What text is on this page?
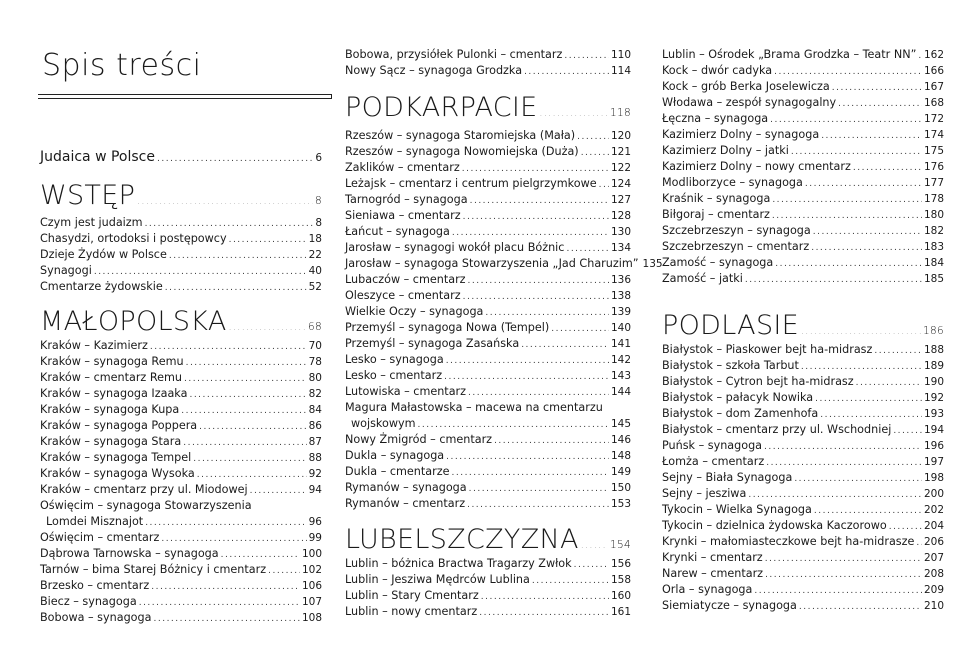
Spis treści
Judaica w Polsce .....	6
WSTĘP .....	8
Czym jest judaizm .....	8
Chasydzi, ortodoksi i postępowcy .....	18
Dzieje Żydów w Polsce .....	22
Synagogi .....	40
Cmentarze żydowskie .....	52
MAŁOPOLSKA .....	68
Kraków – Kazimierz .....	70
Kraków – synagoga Remu .....	78
Kraków – cmentarz Remu .....	80
Kraków – synagoga Izaaka .....	82
Kraków – synagoga Kupa .....	84
Kraków – synagoga Poppera .....	86
Kraków – synagoga Stara .....	87
Kraków – synagoga Tempel .....	88
Kraków – synagoga Wysoka .....	92
Kraków – cmentarz przy ul. Miodowej .....	94
Oświęcim – synagoga Stowarzyszenia
Lomdei Misznajot .....	96
Oświęcim – cmentarz .....	99
Dąbrowa Tarnowska – synagoga .....	100
Tarnów – bima Starej Bóżnicy i cmentarz .....	102
Brzesko – cmentarz .....	106
Biecz – synagoga .....	107
Bobowa – synagoga .....	108
Bobowa, przysiółek Pulonki – cmentarz .....	110
Nowy Sącz – synagoga Grodzka .....	114
PODKARPACIE .....	118
Rzeszów – synagoga Staromiejska (Mała) .....	120
Rzeszów – synagoga Nowomiejska (Duża) .....	121
Zaklików – cmentarz .....	122
Leżajsk – cmentarz i centrum pielgrzymkowe ..... 124
Tarnogród – synagoga .....	127
Sieniawa – cmentarz .....	128
Łańcut – synagoga .....	130
Jarosław – synagogi wokół placu Bóżnic .....	134
Jarosław – synagoga Stowarzyszenia „Jad Charuzim” 135
Lubaczów – cmentarz .....	136
Oleszyce – cmentarz .....	138
Wielkie Oczy – synagoga .....	139
Przemyśl – synagoga Nowa (Tempel) .....	140
Przemyśl – synagoga Zasańska .....	141
Lesko – synagoga .....	142
Lesko – cmentarz .....	143
Lutowiska – cmentarz .....	144
Magura Małastowska – macewa na cmentarzu
wojskowym .....	145
Nowy Żmigród – cmentarz .....	146
Dukla – synagoga .....	148
Dukla – cmentarze .....	149
Rymanów – synagoga .....	150
Rymanów – cmentarz .....	153
LUBELSZCZYZNA .....	154
Lublin – bóżnica Bractwa Tragarzy Zwłok .....	156
Lublin – Jesziwa Mędrców Lublina .....	158
Lublin – Stary Cmentarz .....	160
Lublin – nowy cmentarz .....	161
Lublin – Ośrodek „Brama Grodzka – Teatr NN” ..... 162
Kock – dwór cadyka .....	166
Kock – grób Berka Joselewicza .....	167
Włodawa – zespół synagogalny .....	168
Łęczna – synagoga .....	172
Kazimierz Dolny – synagoga .....	174
Kazimierz Dolny – jatki .....	175
Kazimierz Dolny – nowy cmentarz .....	176
Modliborzyce – synagoga .....	177
Kraśnik – synagoga .....	178
Biłgoraj – cmentarz .....	180
Szczebrzeszyn – synagoga .....	182
Szczebrzeszyn – cmentarz .....	183
Zamość – synagoga .....	184
Zamość – jatki .....	185
PODLASIE .....	186
Białystok – Piaskower bejt ha-midrasz .....	188
Białystok – szkoła Tarbut .....	189
Białystok – Cytron bejt ha-midrasz .....	190
Białystok – pałacyk Nowika .....	192
Białystok – dom Zamenhofa .....	193
Białystok – cmentarz przy ul. Wschodniej .....	194
Puńsk – synagoga .....	196
Łomża – cmentarz .....	197
Sejny – Biała Synagoga .....	198
Sejny – jesziwa .....	200
Tykocin – Wielka Synagoga .....	202
Tykocin – dzielnica żydowska Kaczorowo .....	204
Krynki – małomiasteczkowe bejt ha-midrasze ..... 206
Krynki – cmentarz .....	207
Narew – cmentarz .....	208
Orla – synagoga .....	209
Siemiatycze – synagoga .....	210
